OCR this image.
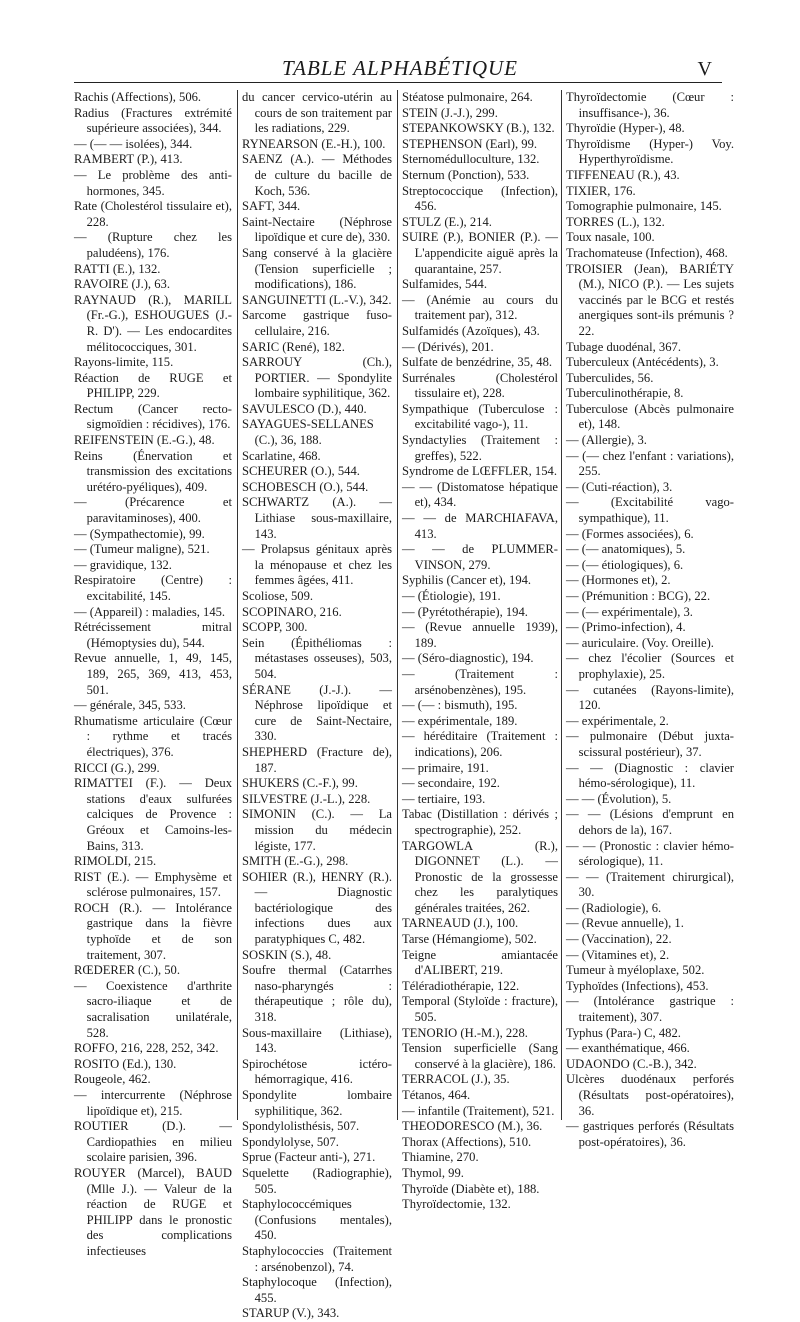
TABLE ALPHABÉTIQUE	V
Rachis (Affections), 506.
Radius (Fractures extrémité supérieure associées), 344.
— (— — isolées), 344.
RAMBERT (P.), 413.
— Le problème des anti-hormones, 345.
Rate (Cholestérol tissulaire et), 228.
— (Rupture chez les paludéens), 176.
RATTI (E.), 132.
RAVOIRE (J.), 63.
RAYNAUD (R.), MARILL (Fr.-G.), ESHOUGUES (J.-R. D'). — Les endocardites mélitococciques, 301.
Rayons-limite, 115.
Réaction de RUGE et PHILIPP, 229.
Rectum (Cancer recto-sigmoïdien : récidives), 176.
REIFENSTEIN (E.-G.), 48.
Reins (Énervation et transmission des excitations urétéro-pyéliques), 409.
— (Précarence et paravitaminoses), 400.
— (Sympathectomie), 99.
— (Tumeur maligne), 521.
— gravidique, 132.
Respiratoire (Centre) : excitabilité, 145.
— (Appareil) : maladies, 145.
Rétrécissement mitral (Hémoptysies du), 544.
Revue annuelle, 1, 49, 145, 189, 265, 369, 413, 453, 501.
— générale, 345, 533.
Rhumatisme articulaire (Cœur : rythme et tracés électriques), 376.
RICCI (G.), 299.
RIMATTEI (F.). — Deux stations d'eaux sulfurées calciques de Provence : Gréoux et Camoins-les-Bains, 313.
RIMOLDI, 215.
RIST (E.). — Emphysème et sclérose pulmonaires, 157.
ROCH (R.). — Intolérance gastrique dans la fièvre typhoïde et de son traitement, 307.
RŒDERER (C.), 50.
— Coexistence d'arthrite sacro-iliaque et de sacralisation unilatérale, 528.
ROFFO, 216, 228, 252, 342.
ROSITO (Ed.), 130.
Rougeole, 462.
— intercurrente (Néphrose lipoïdique et), 215.
ROUTIER (D.). — Cardiopathies en milieu scolaire parisien, 396.
ROUYER (Marcel), BAUD (Mlle J.). — Valeur de la réaction de RUGE et PHILIPP dans le pronostic des complications infectieuses
du cancer cervico-utérin au cours de son traitement par les radiations, 229.
RYNEARSON (E.-H.), 100.
SAENZ (A.). — Méthodes de culture du bacille de Koch, 536.
SAFT, 344.
Saint-Nectaire (Néphrose lipoïdique et cure de), 330.
Sang conservé à la glacière (Tension superficielle ; modifications), 186.
SANGUINETTI (L.-V.), 342.
Sarcome gastrique fuso-cellulaire, 216.
SARIC (René), 182.
SARROUY (Ch.), PORTIER. — Spondylite lombaire syphilitique, 362.
SAVULESCO (D.), 440.
SAYAGUES-SELLANES (C.), 36, 188.
Scarlatine, 468.
SCHEURER (O.), 544.
SCHOBESCH (O.), 544.
SCHWARTZ (A.). — Lithiase sous-maxillaire, 143.
— Prolapsus génitaux après la ménopause et chez les femmes âgées, 411.
Scoliose, 509.
SCOPINARO, 216.
SCOPP, 300.
Sein (Épithéliomas : métastases osseuses), 503, 504.
SÉRANE (J.-J.). — Néphrose lipoïdique et cure de Saint-Nectaire, 330.
SHEPHERD (Fracture de), 187.
SHUKERS (C.-F.), 99.
SILVESTRE (J.-L.), 228.
SIMONIN (C.). — La mission du médecin légiste, 177.
SMITH (E.-G.), 298.
SOHIER (R.), HENRY (R.). — Diagnostic bactériologique des infections dues aux paratyphiques C, 482.
SOSKIN (S.), 48.
Soufre thermal (Catarrhes naso-pharyngés : thérapeutique ; rôle du), 318.
Sous-maxillaire (Lithiase), 143.
Spirochétose ictéro-hémorragique, 416.
Spondylite lombaire syphilitique, 362.
Spondylolisthésis, 507.
Spondylolyse, 507.
Sprue (Facteur anti-), 271.
Squelette (Radiographie), 505.
Staphylococcémiques (Confusions mentales), 450.
Staphylococcies (Traitement : arsénobenzol), 74.
Staphylocoque (Infection), 455.
STARUP (V.), 343.
Stéatose pulmonaire, 264.
STEIN (J.-J.), 299.
STEPANKOWSKY (B.), 132.
STEPHENSON (Earl), 99.
Sternomédulloculture, 132.
Sternum (Ponction), 533.
Streptococcique (Infection), 456.
STULZ (E.), 214.
SUIRE (P.), BONIER (P.). — L'appendicite aiguë après la quarantaine, 257.
Sulfamides, 544.
— (Anémie au cours du traitement par), 312.
Sulfamidés (Azoïques), 43.
— (Dérivés), 201.
Sulfate de benzédrine, 35, 48.
Surrénales (Cholestérol tissulaire et), 228.
Sympathique (Tuberculose : excitabilité vago-), 11.
Syndactylies (Traitement : greffes), 522.
Syndrome de LŒFFLER, 154.
— — (Distomatose hépatique et), 434.
— — de MARCHIAFAVA, 413.
— — de PLUMMER-VINSON, 279.
Syphilis (Cancer et), 194.
— (Étiologie), 191.
— (Pyrétothérapie), 194.
— (Revue annuelle 1939), 189.
— (Séro-diagnostic), 194.
— (Traitement : arsénobenzènes), 195.
— (— : bismuth), 195.
— expérimentale, 189.
— héréditaire (Traitement : indications), 206.
— primaire, 191.
— secondaire, 192.
— tertiaire, 193.
Tabac (Distillation : dérivés ; spectrographie), 252.
TARGOWLA (R.), DIGONNET (L.). — Pronostic de la grossesse chez les paralytiques générales traitées, 262.
TARNEAUD (J.), 100.
Tarse (Hémangiome), 502.
Teigne amiantacée d'ALIBERT, 219.
Téléradiothérapie, 122.
Temporal (Styloïde : fracture), 505.
TENORIO (H.-M.), 228.
Tension superficielle (Sang conservé à la glacière), 186.
TERRACOL (J.), 35.
Tétanos, 464.
— infantile (Traitement), 521.
THEODORESCO (M.), 36.
Thorax (Affections), 510.
Thiamine, 270.
Thymol, 99.
Thyroïde (Diabète et), 188.
Thyroïdectomie, 132.
Thyroïdectomie (Cœur : insuffisance-), 36.
Thyroïdie (Hyper-), 48.
Thyroïdisme (Hyper-) Voy. Hyperthyroïdisme.
TIFFENEAU (R.), 43.
TIXIER, 176.
Tomographie pulmonaire, 145.
TORRES (L.), 132.
Toux nasale, 100.
Trachomateuse (Infection), 468.
TROISIER (Jean), BARIÉTY (M.), NICO (P.). — Les sujets vaccinés par le BCG et restés anergiques sont-ils prémunis ? 22.
Tubage duodénal, 367.
Tuberculeux (Antécédents), 3.
Tuberculides, 56.
Tuberculinothérapie, 8.
Tuberculose (Abcès pulmonaire et), 148.
— (Allergie), 3.
— (— chez l'enfant : variations), 255.
— (Cuti-réaction), 3.
— (Excitabilité vago-sympathique), 11.
— (Formes associées), 6.
— (— anatomiques), 5.
— (— étiologiques), 6.
— (Hormones et), 2.
— (Prémunition : BCG), 22.
— (— expérimentale), 3.
— (Primo-infection), 4.
— auriculaire. (Voy. Oreille).
— chez l'écolier (Sources et prophylaxie), 25.
— cutanées (Rayons-limite), 120.
— expérimentale, 2.
— pulmonaire (Début juxta-scissural postérieur), 37.
— — (Diagnostic : clavier hémo-sérologique), 11.
— — (Évolution), 5.
— — (Lésions d'emprunt en dehors de la), 167.
— — (Pronostic : clavier hémo-sérologique), 11.
— — (Traitement chirurgical), 30.
— (Radiologie), 6.
— (Revue annuelle), 1.
— (Vaccination), 22.
— (Vitamines et), 2.
Tumeur à myéloplaxe, 502.
Typhoïdes (Infections), 453.
— (Intolérance gastrique : traitement), 307.
Typhus (Para-) C, 482.
— exanthématique, 466.
UDAONDO (C.-B.), 342.
Ulcères duodénaux perforés (Résultats post-opératoires), 36.
— gastriques perforés (Résultats post-opératoires), 36.
